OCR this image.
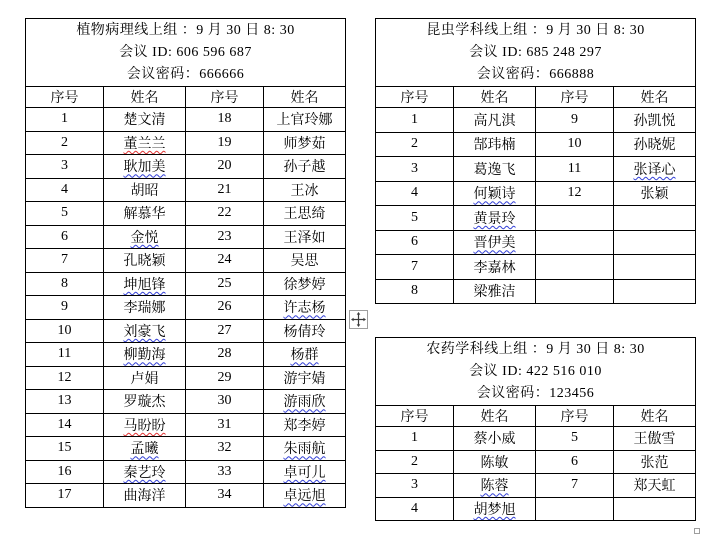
植物病理线上组 ：9 月 30 日 8: 30
会议 ID: 606 596 687
会议密码：666666			

序号	姓名	序号	姓名
1	楚文清	18	上官玲娜
2	董兰兰	19	师梦茹
3	耿加美	20	孙子越
4	胡昭	21	王冰
5	解慕华	22	王思绮
6	金悦	23	王泽如
7	孔晓颖	24	吴思
8	坤旭锋	25	徐梦婷
9	李瑞娜	26	许志杨
10	刘豪飞	27	杨倩玲
11	柳勤海	28	杨群
12	卢娟	29	游宇婧
13	罗璇杰	30	游雨欣
14	马盼盼	31	郑李婷
15	孟曦	32	朱雨航
16	秦艺玲	33	卓可儿
17	曲海洋	34	卓远旭
昆虫学科线上组 ：9 月 30 日 8: 30
会议 ID: 685 248 297
会议密码：666888			

序号	姓名	序号	姓名
1	高凡淇	9	孙凯悦
2	郜玮楠	10	孙晓妮
3	葛逸飞	11	张译心
4	何颖诗	12	张颖
5	黄景玲		
6	晋伊美		
7	李嘉林		
8	梁雅洁		
农药学科线上组 ：9 月 30 日 8: 30
会议 ID: 422 516 010
会议密码：123456			

序号	姓名	序号	姓名
1	蔡小威	5	王傲雪
2	陈敏	6	张范
3	陈蓉	7	郑天虹
4	胡梦旭		
